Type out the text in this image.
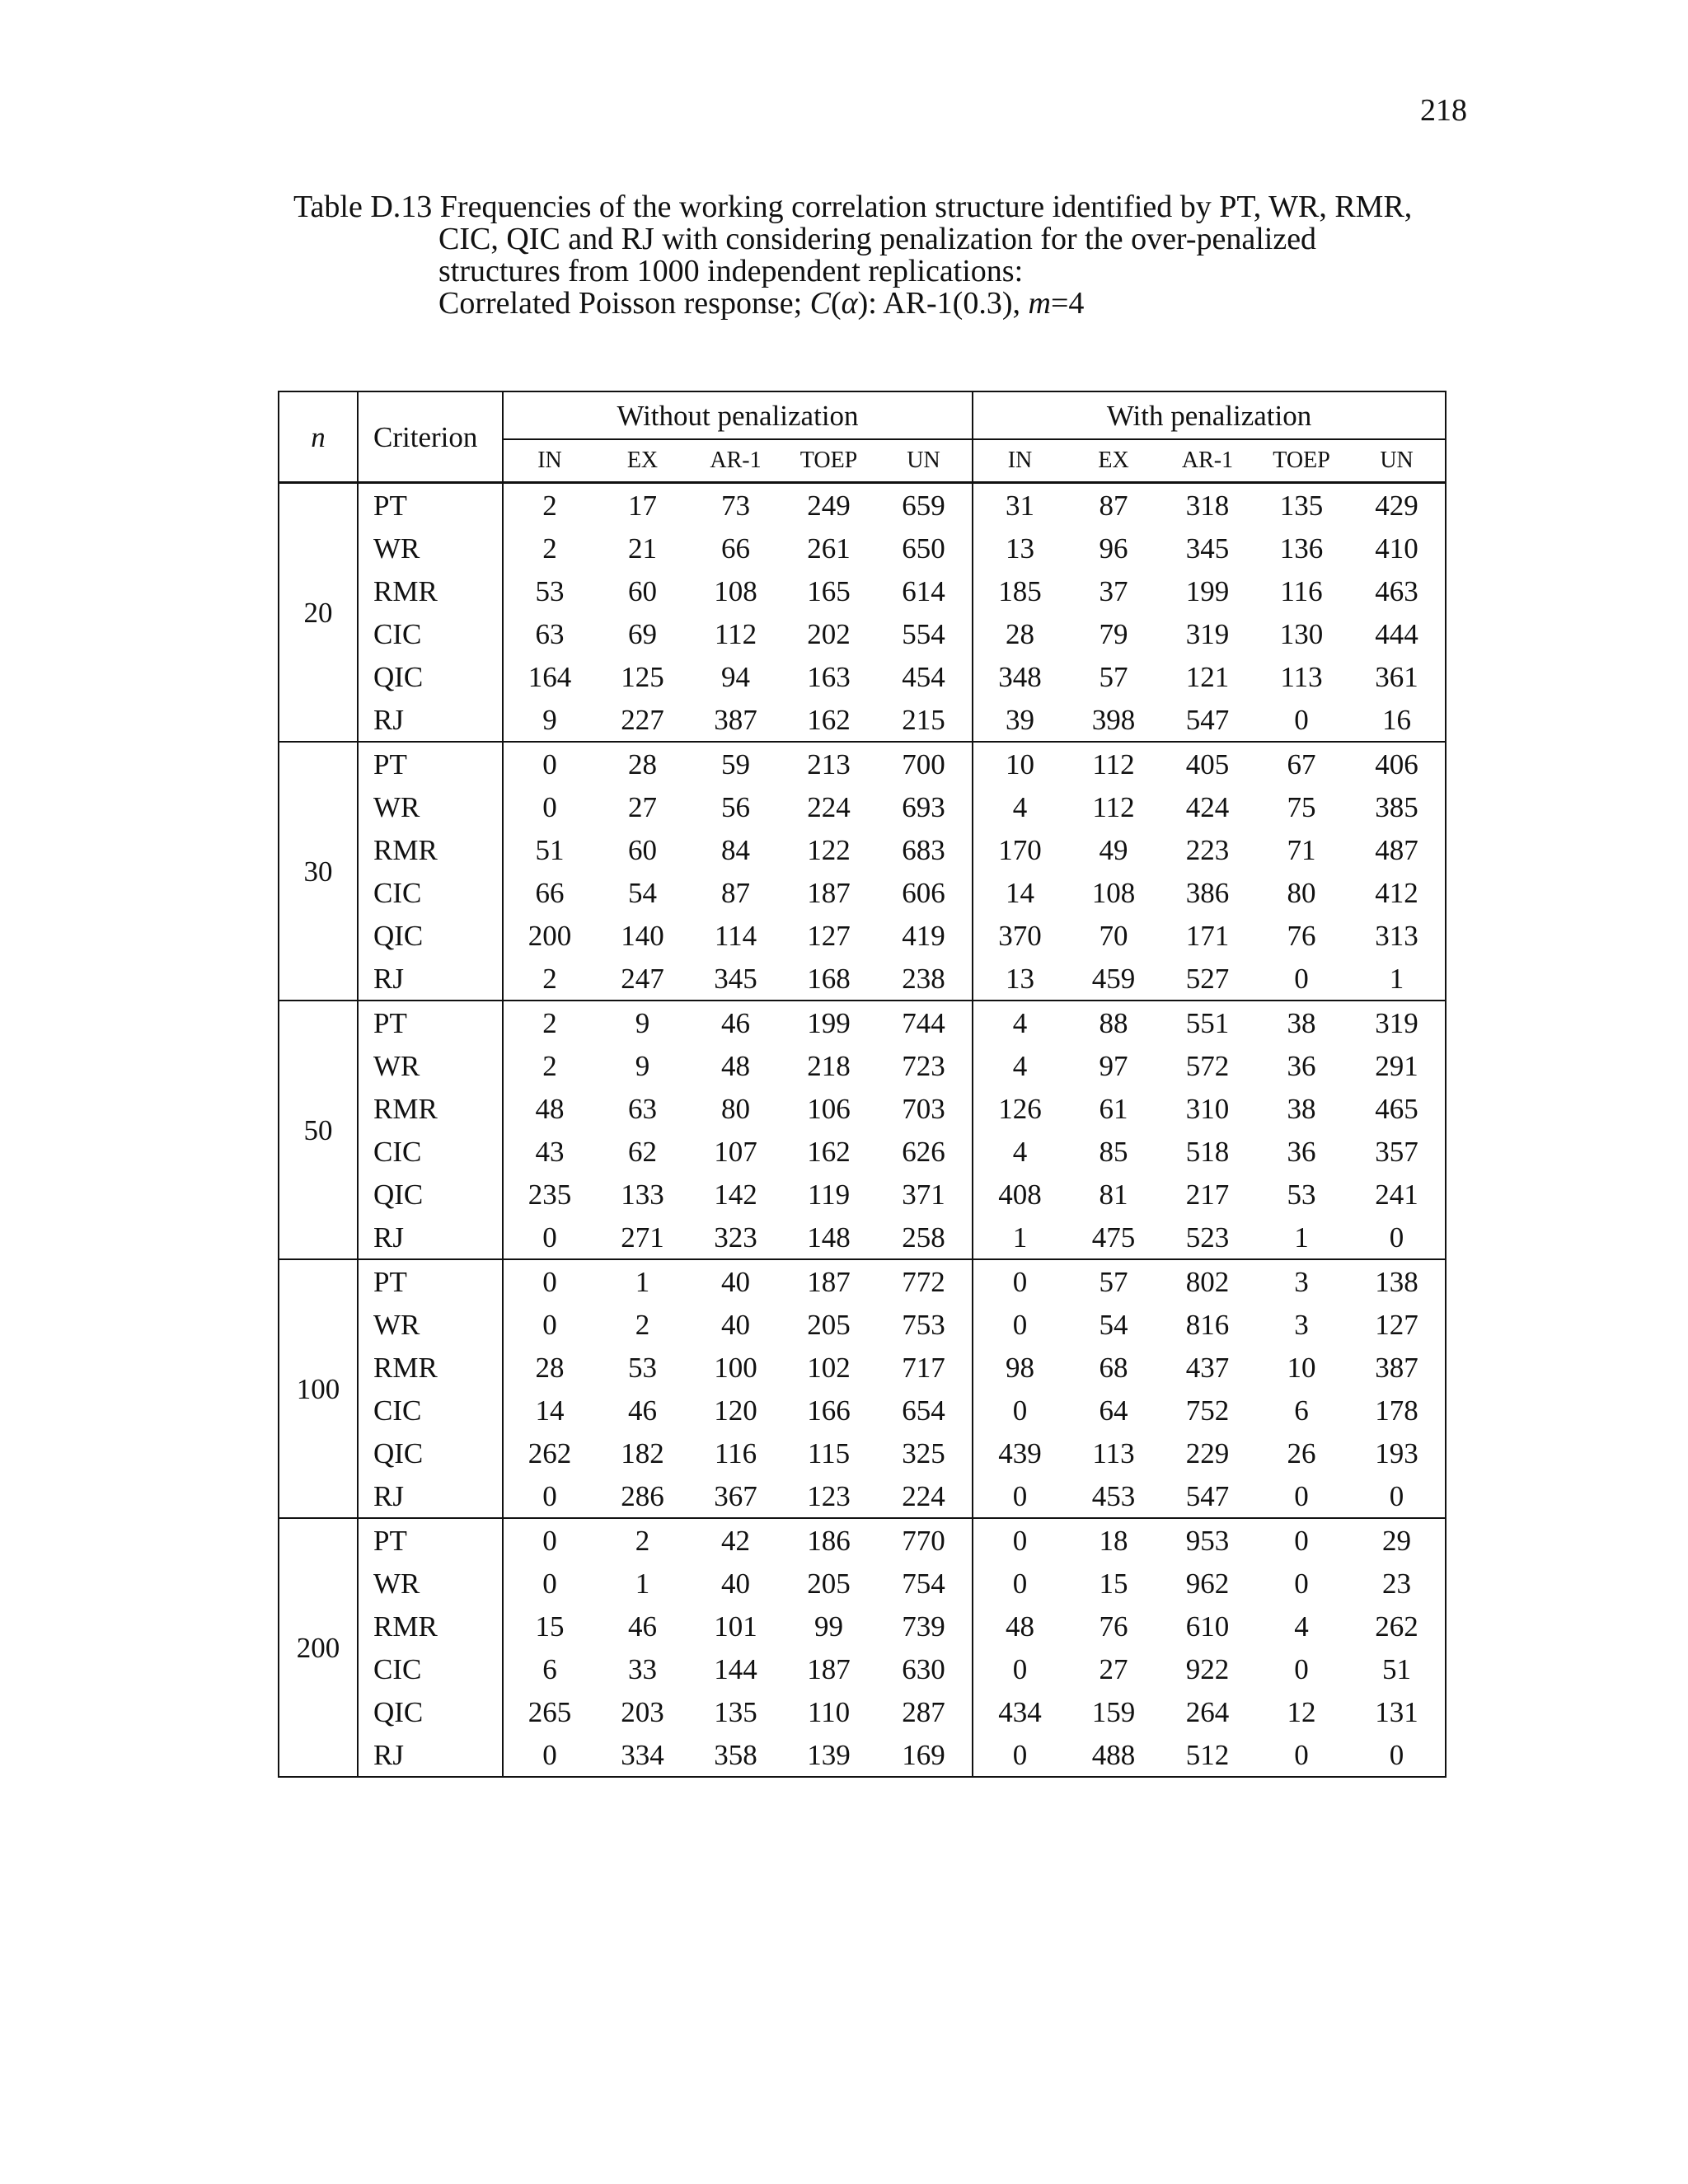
218
Table D.13 Frequencies of the working correlation structure identified by PT, WR, RMR,
CIC, QIC and RJ with considering penalization for the over-penalized
structures from 1000 independent replications:
Correlated Poisson response; C(α): AR-1(0.3), m=4
n	Criterion	Without penalization					With penalization				
		IN	EX	AR-1	TOEP	UN	IN	EX	AR-1	TOEP	UN
20	PT	2	17	73	249	659	31	87	318	135	429
	WR	2	21	66	261	650	13	96	345	136	410
	RMR	53	60	108	165	614	185	37	199	116	463
	CIC	63	69	112	202	554	28	79	319	130	444
	QIC	164	125	94	163	454	348	57	121	113	361
	RJ	9	227	387	162	215	39	398	547	0	16
30	PT	0	28	59	213	700	10	112	405	67	406
	WR	0	27	56	224	693	4	112	424	75	385
	RMR	51	60	84	122	683	170	49	223	71	487
	CIC	66	54	87	187	606	14	108	386	80	412
	QIC	200	140	114	127	419	370	70	171	76	313
	RJ	2	247	345	168	238	13	459	527	0	1
50	PT	2	9	46	199	744	4	88	551	38	319
	WR	2	9	48	218	723	4	97	572	36	291
	RMR	48	63	80	106	703	126	61	310	38	465
	CIC	43	62	107	162	626	4	85	518	36	357
	QIC	235	133	142	119	371	408	81	217	53	241
	RJ	0	271	323	148	258	1	475	523	1	0
100	PT	0	1	40	187	772	0	57	802	3	138
	WR	0	2	40	205	753	0	54	816	3	127
	RMR	28	53	100	102	717	98	68	437	10	387
	CIC	14	46	120	166	654	0	64	752	6	178
	QIC	262	182	116	115	325	439	113	229	26	193
	RJ	0	286	367	123	224	0	453	547	0	0
200	PT	0	2	42	186	770	0	18	953	0	29
	WR	0	1	40	205	754	0	15	962	0	23
	RMR	15	46	101	99	739	48	76	610	4	262
	CIC	6	33	144	187	630	0	27	922	0	51
	QIC	265	203	135	110	287	434	159	264	12	131
	RJ	0	334	358	139	169	0	488	512	0	0
